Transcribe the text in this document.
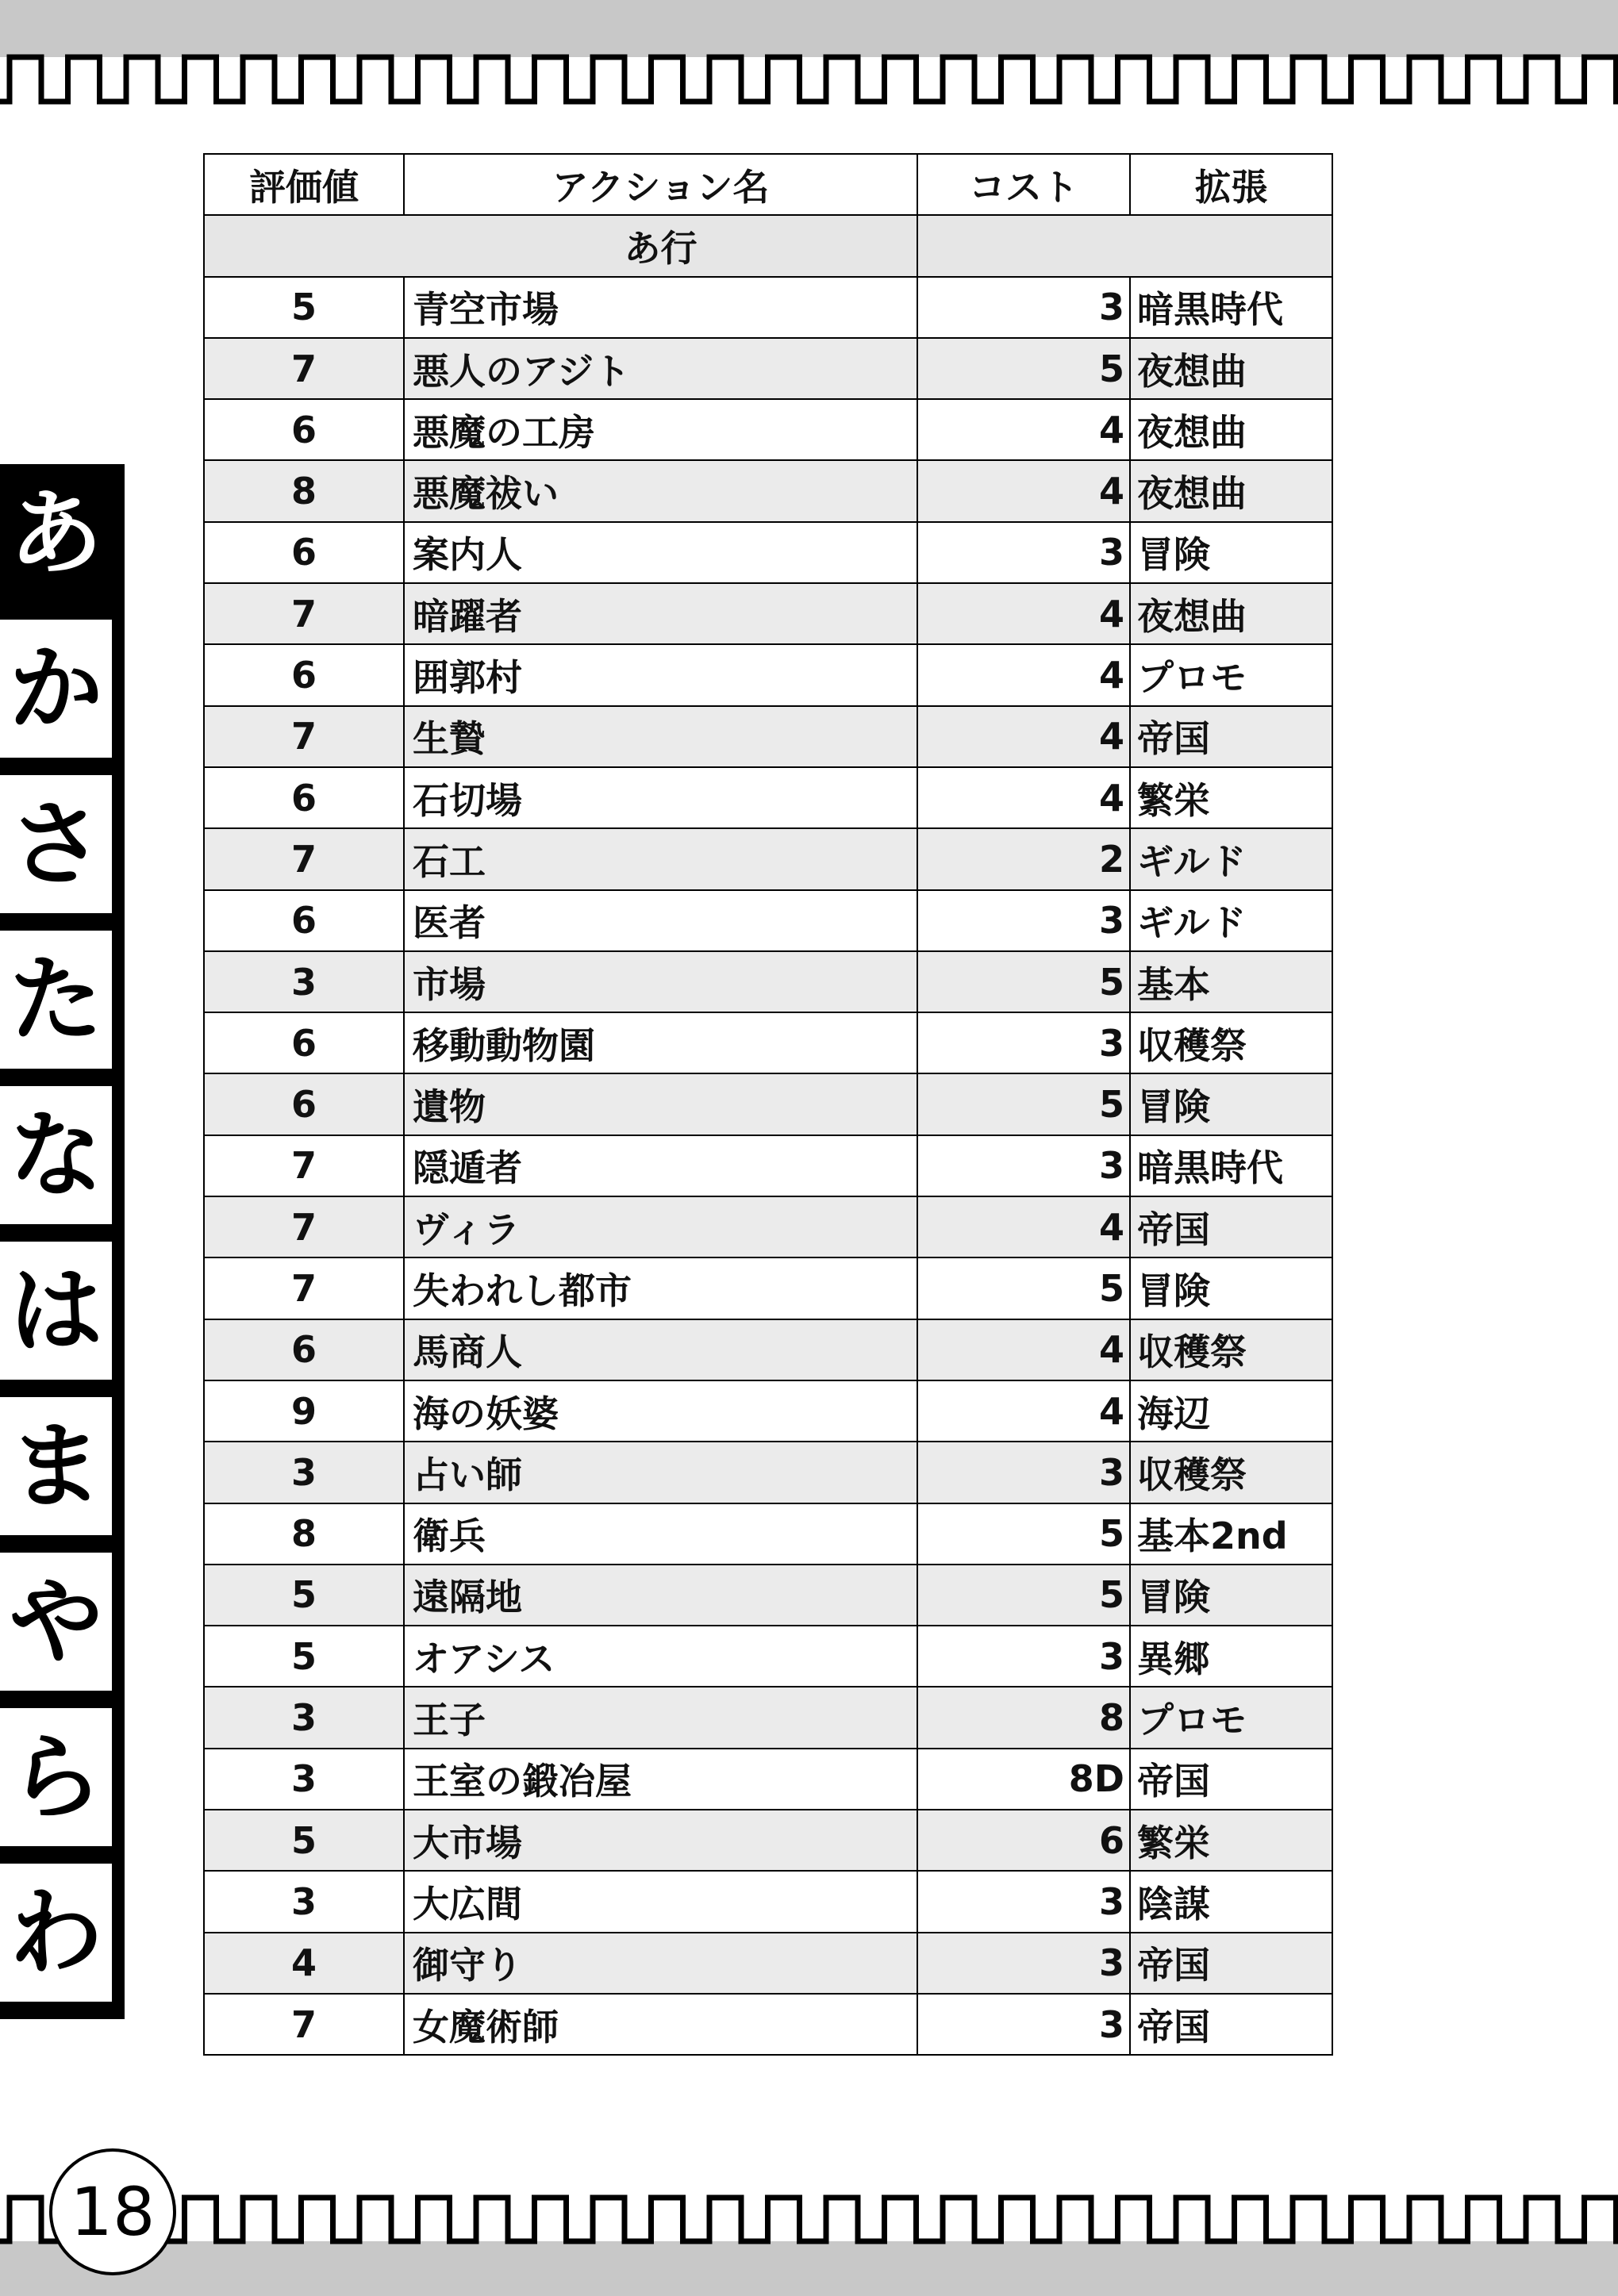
あ
か
さ
た
な
は
ま
や
ら
わ
評価値	アクション名	コスト	拡張
	あ行		
5	青空市場	3	暗黒時代
7	悪人のアジト	5	夜想曲
6	悪魔の工房	4	夜想曲
8	悪魔祓い	4	夜想曲
6	案内人	3	冒険
7	暗躍者	4	夜想曲
6	囲郭村	4	プロモ
7	生贄	4	帝国
6	石切場	4	繁栄
7	石工	2	ギルド
6	医者	3	ギルド
3	市場	5	基本
6	移動動物園	3	収穫祭
6	遺物	5	冒険
7	隠遁者	3	暗黒時代
7	ヴィラ	4	帝国
7	失われし都市	5	冒険
6	馬商人	4	収穫祭
9	海の妖婆	4	海辺
3	占い師	3	収穫祭
8	衛兵	5	基本2nd
5	遠隔地	5	冒険
5	オアシス	3	異郷
3	王子	8	プロモ
3	王室の鍛冶屋	8D	帝国
5	大市場	6	繁栄
3	大広間	3	陰謀
4	御守り	3	帝国
7	女魔術師	3	帝国
18
